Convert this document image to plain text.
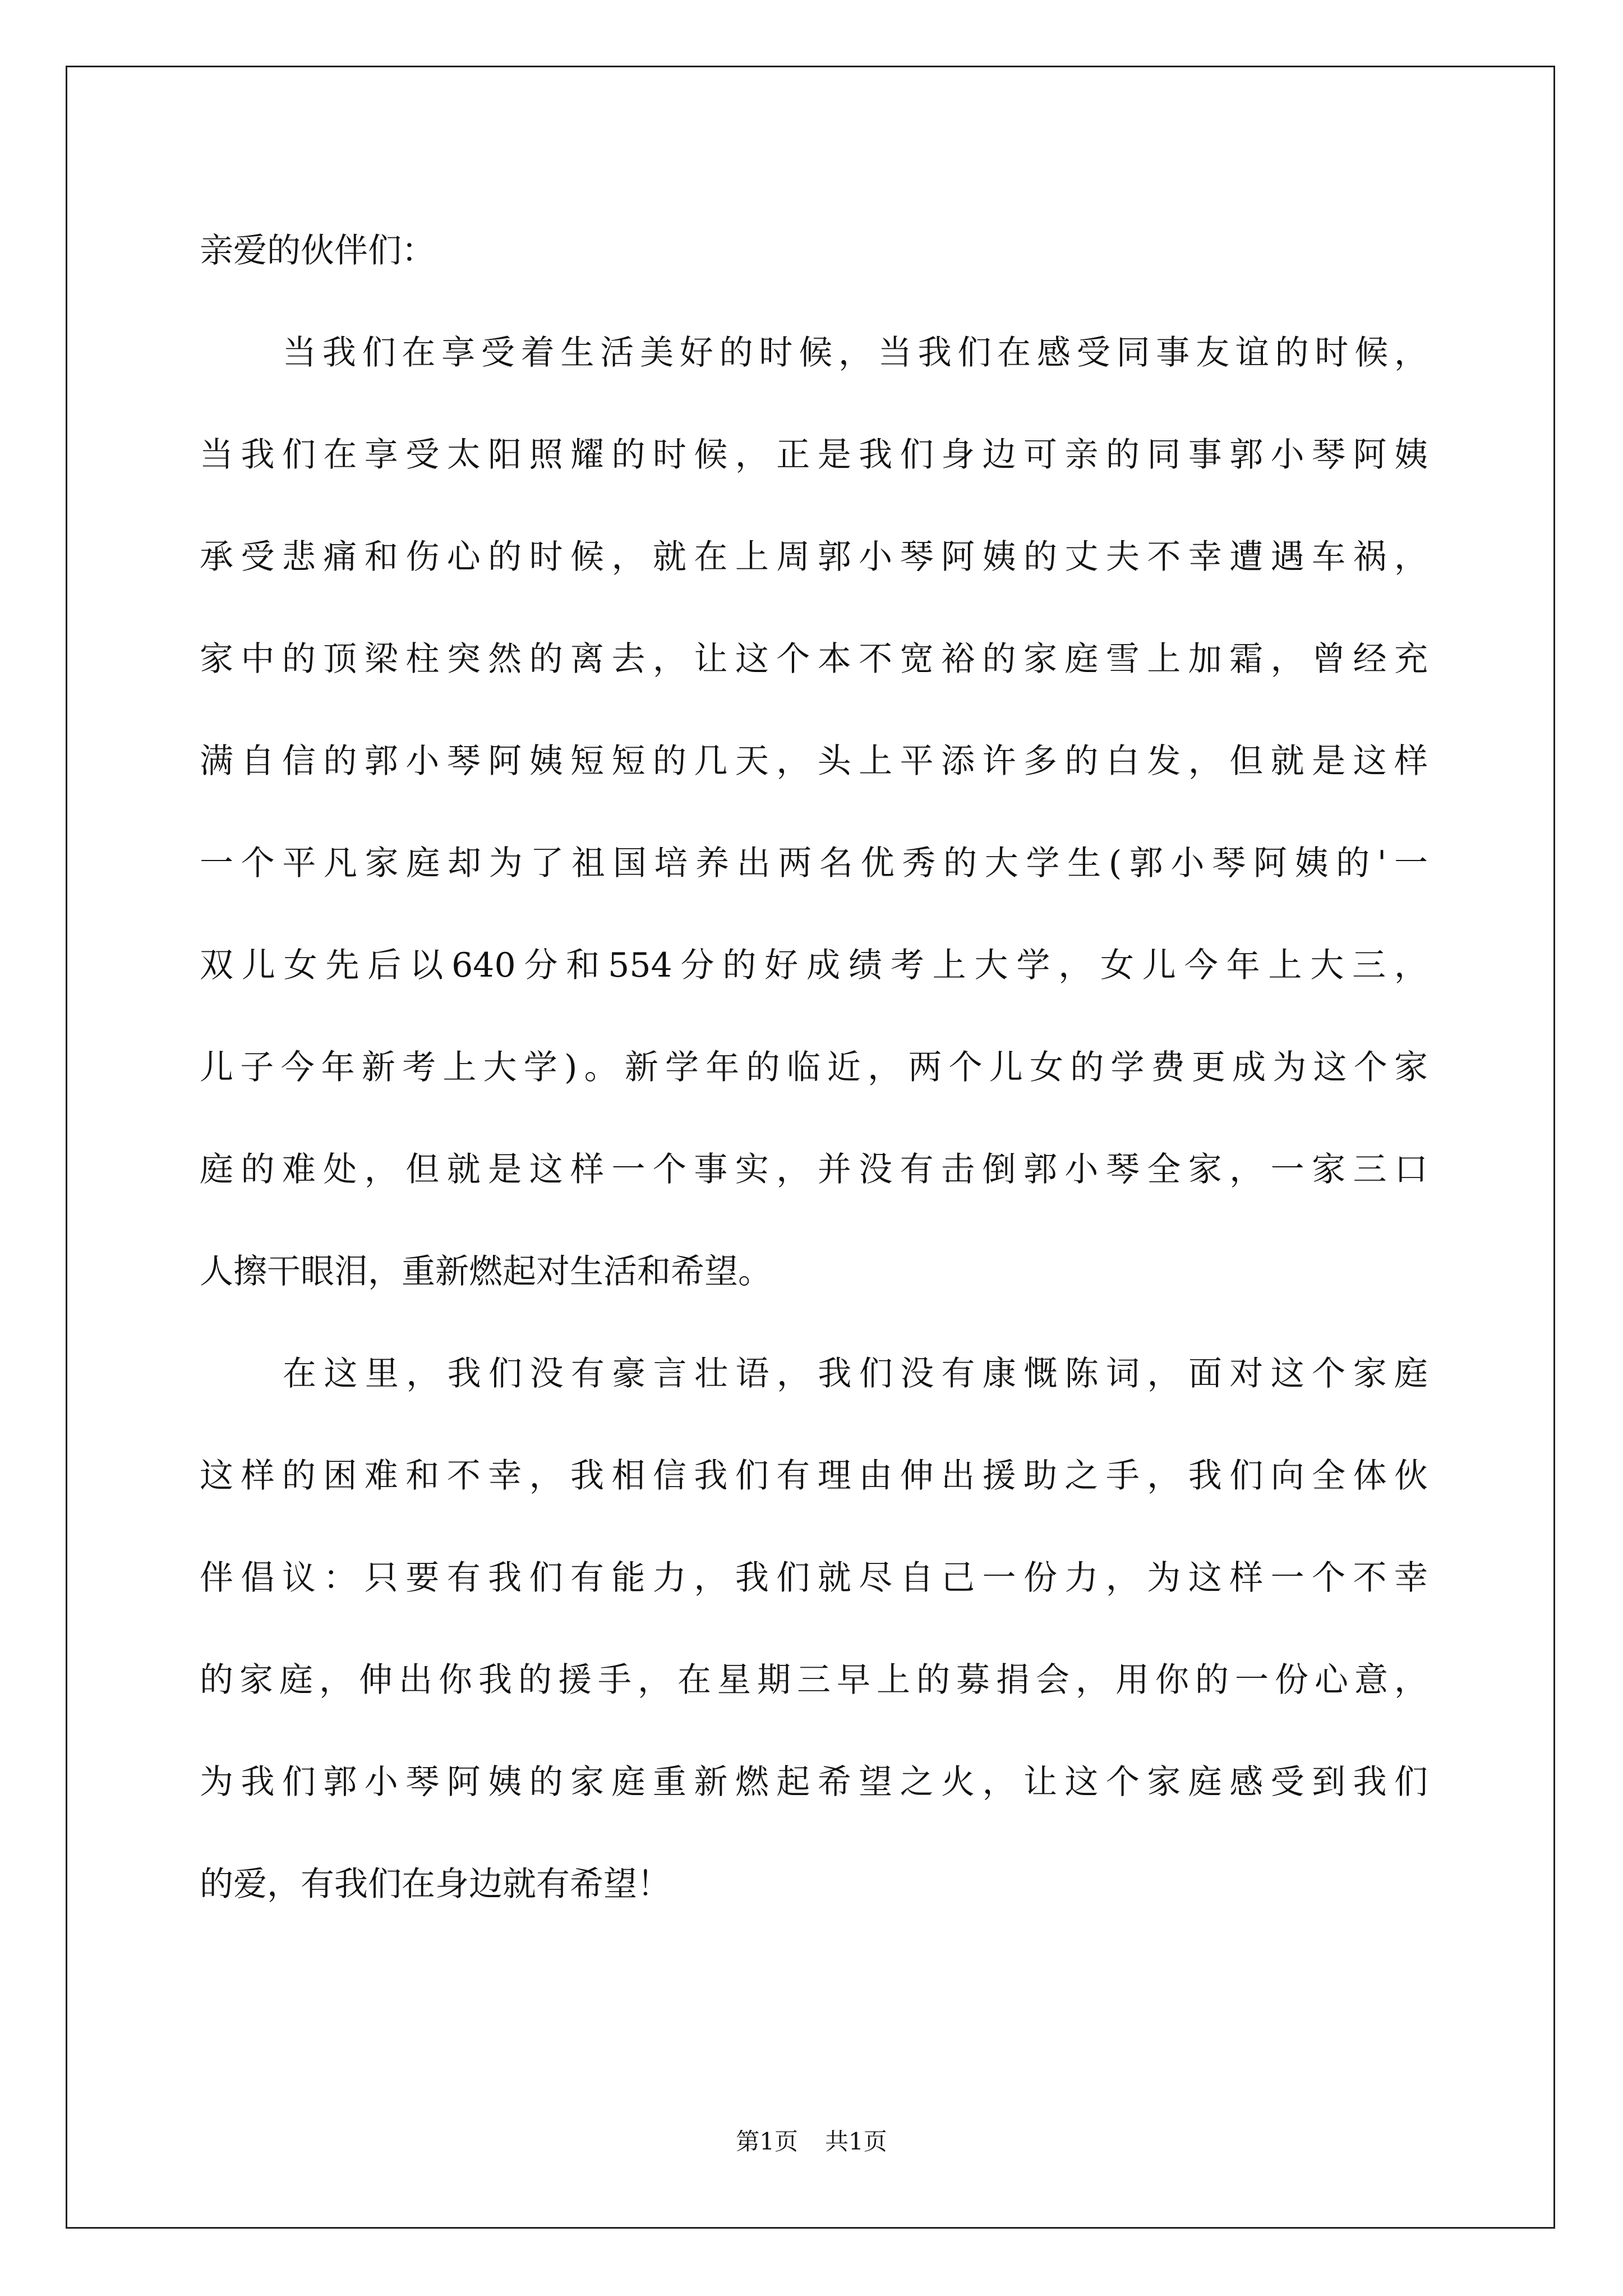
亲爱的伙伴们：
当我们在享受着生活美好的时候，当我们在感受同事友谊的时候，
当我们在享受太阳照耀的时候，正是我们身边可亲的同事郭小琴阿姨
承受悲痛和伤心的时候，就在上周郭小琴阿姨的丈夫不幸遭遇车祸，
家中的顶梁柱突然的离去，让这个本不宽裕的家庭雪上加霜，曾经充
满自信的郭小琴阿姨短短的几天，头上平添许多的白发，但就是这样
一个平凡家庭却为了祖国培养出两名优秀的大学生(郭小琴阿姨的'一
双儿女先后以640分和554分的好成绩考上大学，女儿今年上大三，
儿子今年新考上大学)。新学年的临近，两个儿女的学费更成为这个家
庭的难处，但就是这样一个事实，并没有击倒郭小琴全家，一家三口
人擦干眼泪，重新燃起对生活和希望。
在这里，我们没有豪言壮语，我们没有康慨陈词，面对这个家庭
这样的困难和不幸，我相信我们有理由伸出援助之手，我们向全体伙
伴倡议：只要有我们有能力，我们就尽自己一份力，为这样一个不幸
的家庭，伸出你我的援手，在星期三早上的募捐会，用你的一份心意，
为我们郭小琴阿姨的家庭重新燃起希望之火，让这个家庭感受到我们
的爱，有我们在身边就有希望！
第1页 共1页
